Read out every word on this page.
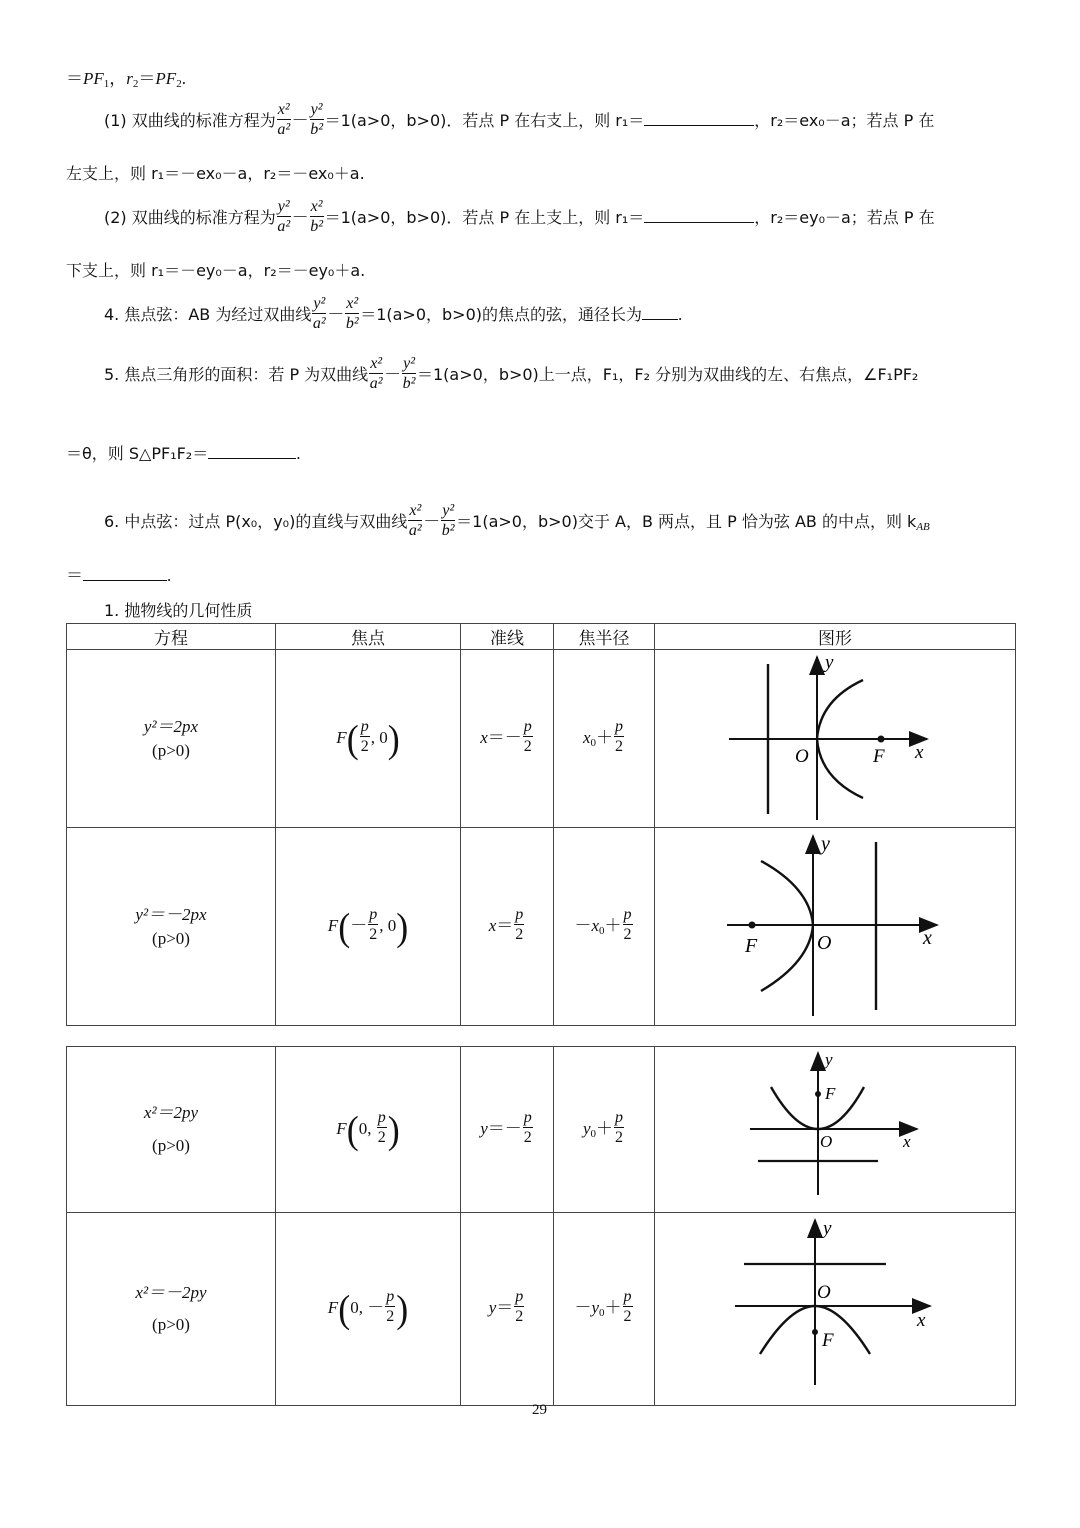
$=PF_1$，$r_2=PF_2$.
(1) 双曲线的标准方程为 $\frac{\text{x²}}{\text{a²}} - \frac{\text{y²}}{\text{b²}} =1(a>0$，b>0)．若点 P 在右支上，则 r₁＝	，r₂＝ex₀－a；若点 P 在
左支上，则 r₁＝－ex₀－a，r₂＝－ex₀＋a.
(2) 双曲线的标准方程为 $\frac{\text{y²}}{\text{a²}} - \frac{\text{x²}}{\text{b²}} =1(a>0$，b>0)．若点 P 在上支上，则 r₁＝	，r₂＝ey₀－a；若点 P 在
下支上，则 r₁＝－ey₀－a，r₂＝－ey₀＋a.
4. 焦点弦：AB 为经过双曲线 $\frac{\text{y²}}{\text{a²}} - \frac{\text{x²}}{\text{b²}} =1(a>0$，b>0)的焦点的弦，通径长为 .
5. 焦点三角形的面积：若 P 为双曲线 $\frac{\text{x²}}{\text{a²}} - \frac{\text{y²}}{\text{b²}} =1(a>0$，b>0)上一点，F₁，F₂ 分别为双曲线的左、右焦点，∠F₁PF₂
＝θ，则 S△PF₁F₂＝	.
6. 中点弦：过点 P(x₀，y₀)的直线与双曲线 $\frac{\text{x²}}{\text{a²}} - \frac{\text{y²}}{\text{b²}} =1(a>0$，b>0)交于 A，B 两点，且 P 恰为弦 AB 的中点，则 $k_{AB}$
＝	.
1. 抛物线的几何性质
方程	焦点	准线	焦半径	图形

y²＝2px
(p>0)
	$F( \frac{p}{2}$ , 0)	$x=- \frac{p}{2}$	$x_0+ \frac{p}{2}$

y
O	F x

y²＝－2px
(p>0)
	$F(- \frac{p}{2}$ , 0)	$x= \frac{p}{2}$	$-x_0+ \frac{p}{2}$

y
O
F	x
x²＝2py
(p>0)
	F(0, $\frac{p}{2}$ )	$y=- \frac{p}{2}$	$y_0+ \frac{p}{2}$

y
F
O	x

x²＝－2py
(p>0)
	F(0, － $\frac{p}{2}$ )	$y= \frac{p}{2}$	$-y_0+ \frac{p}{2}$

y
O
F
x
29
